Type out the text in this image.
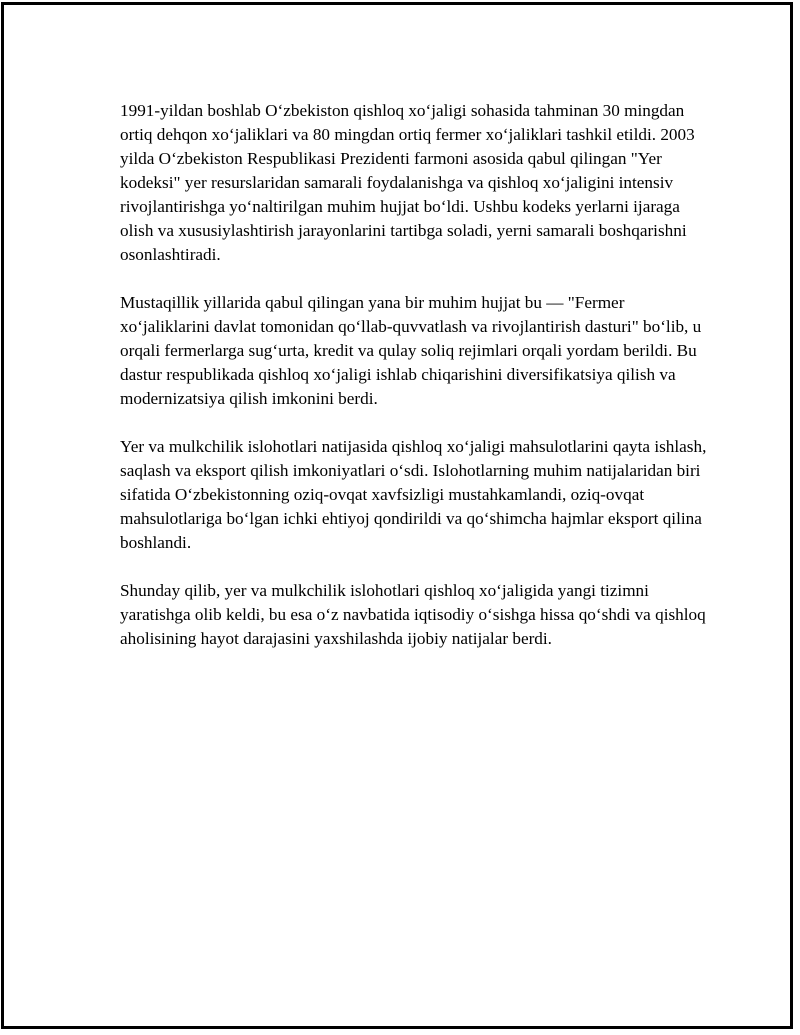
1991-yildan boshlab O‘zbekiston qishloq xo‘jaligi sohasida tahminan 30 mingdan ortiq dehqon xo‘jaliklari va 80 mingdan ortiq fermer xo‘jaliklari tashkil etildi. 2003 yilda O‘zbekiston Respublikasi Prezidenti farmoni asosida qabul qilingan "Yer kodeksi" yer resurslaridan samarali foydalanishga va qishloq xo‘jaligini intensiv rivojlantirishga yo‘naltirilgan muhim hujjat bo‘ldi. Ushbu kodeks yerlarni ijaraga olish va xususiylashtirish jarayonlarini tartibga soladi, yerni samarali boshqarishni osonlashtiradi.

Mustaqillik yillarida qabul qilingan yana bir muhim hujjat bu — "Fermer xo‘jaliklarini davlat tomonidan qo‘llab-quvvatlash va rivojlantirish dasturi" bo‘lib, u orqali fermerlarga sug‘urta, kredit va qulay soliq rejimlari orqali yordam berildi. Bu dastur respublikada qishloq xo‘jaligi ishlab chiqarishini diversifikatsiya qilish va modernizatsiya qilish imkonini berdi.

Yer va mulkchilik islohotlari natijasida qishloq xo‘jaligi mahsulotlarini qayta ishlash, saqlash va eksport qilish imkoniyatlari o‘sdi. Islohotlarning muhim natijalaridan biri sifatida O‘zbekistonning oziq-ovqat xavfsizligi mustahkamlandi, oziq-ovqat mahsulotlariga bo‘lgan ichki ehtiyoj qondirildi va qo‘shimcha hajmlar eksport qilina boshlandi.

Shunday qilib, yer va mulkchilik islohotlari qishloq xo‘jaligida yangi tizimni yaratishga olib keldi, bu esa o‘z navbatida iqtisodiy o‘sishga hissa qo‘shdi va qishloq aholisining hayot darajasini yaxshilashda ijobiy natijalar berdi.
